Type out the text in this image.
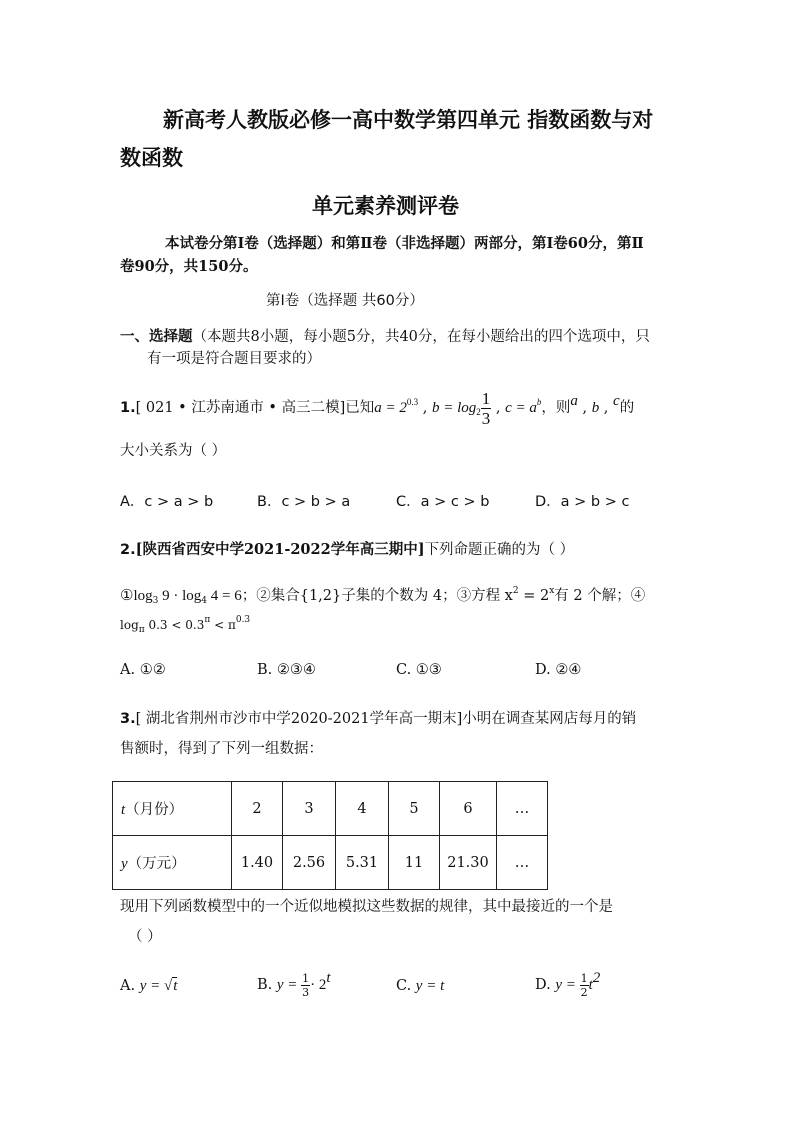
新高考人教版必修一高中数学第四单元 指数函数与对
数函数
单元素养测评卷
本试卷分第Ⅰ卷（选择题）和第Ⅱ卷（非选择题）两部分，第Ⅰ卷60分，第Ⅱ
卷90分，共150分。
第Ⅰ卷（选择题 共60分）
一、选择题（本题共8小题，每小题5分，共40分，在每小题给出的四个选项中，只
有一项是符合题目要求的）
1.[ 021 • 江苏南通市 • 高三二模]已知$a = 2^{0.3}$ , $b = \log_2 \frac{1}{3}$ , $c = a^b$，则$^a$ , b , $^c$的
大小关系为（ ）
A．c > a > b	B．c > b > a	C．a > c > b	D．a > b > c
2.[陕西省西安中学2021-2022学年高三期中]下列命题正确的为（ ）
$①\log_3$ $9 \cdot \log_4 4 = 6$；②集合{1,2}子集的个数为 4；③方程 $x^2 = 2^x$有 2 个解；④
$\log_\pi 0.3 < 0.3^\pi < \pi^{0.3}$
A. ①②	B. ②③④	C. ①③	D. ②④
3.[ 湖北省荆州市沙市中学2020-2021学年高一期末]小明在调查某网店每月的销
售额时，得到了下列一组数据：
t（月份）	2	3	4	5	6	…
y（万元）	1.40	2.56	5.31	11	21.30	…
现用下列函数模型中的一个近似地模拟这些数据的规律，其中最接近的一个是
（ ）
A. y = √t	B. $y = \frac{1}{3} \cdot 2^t$	C. y = t	D. $y = \frac{1}{2} t^2$
